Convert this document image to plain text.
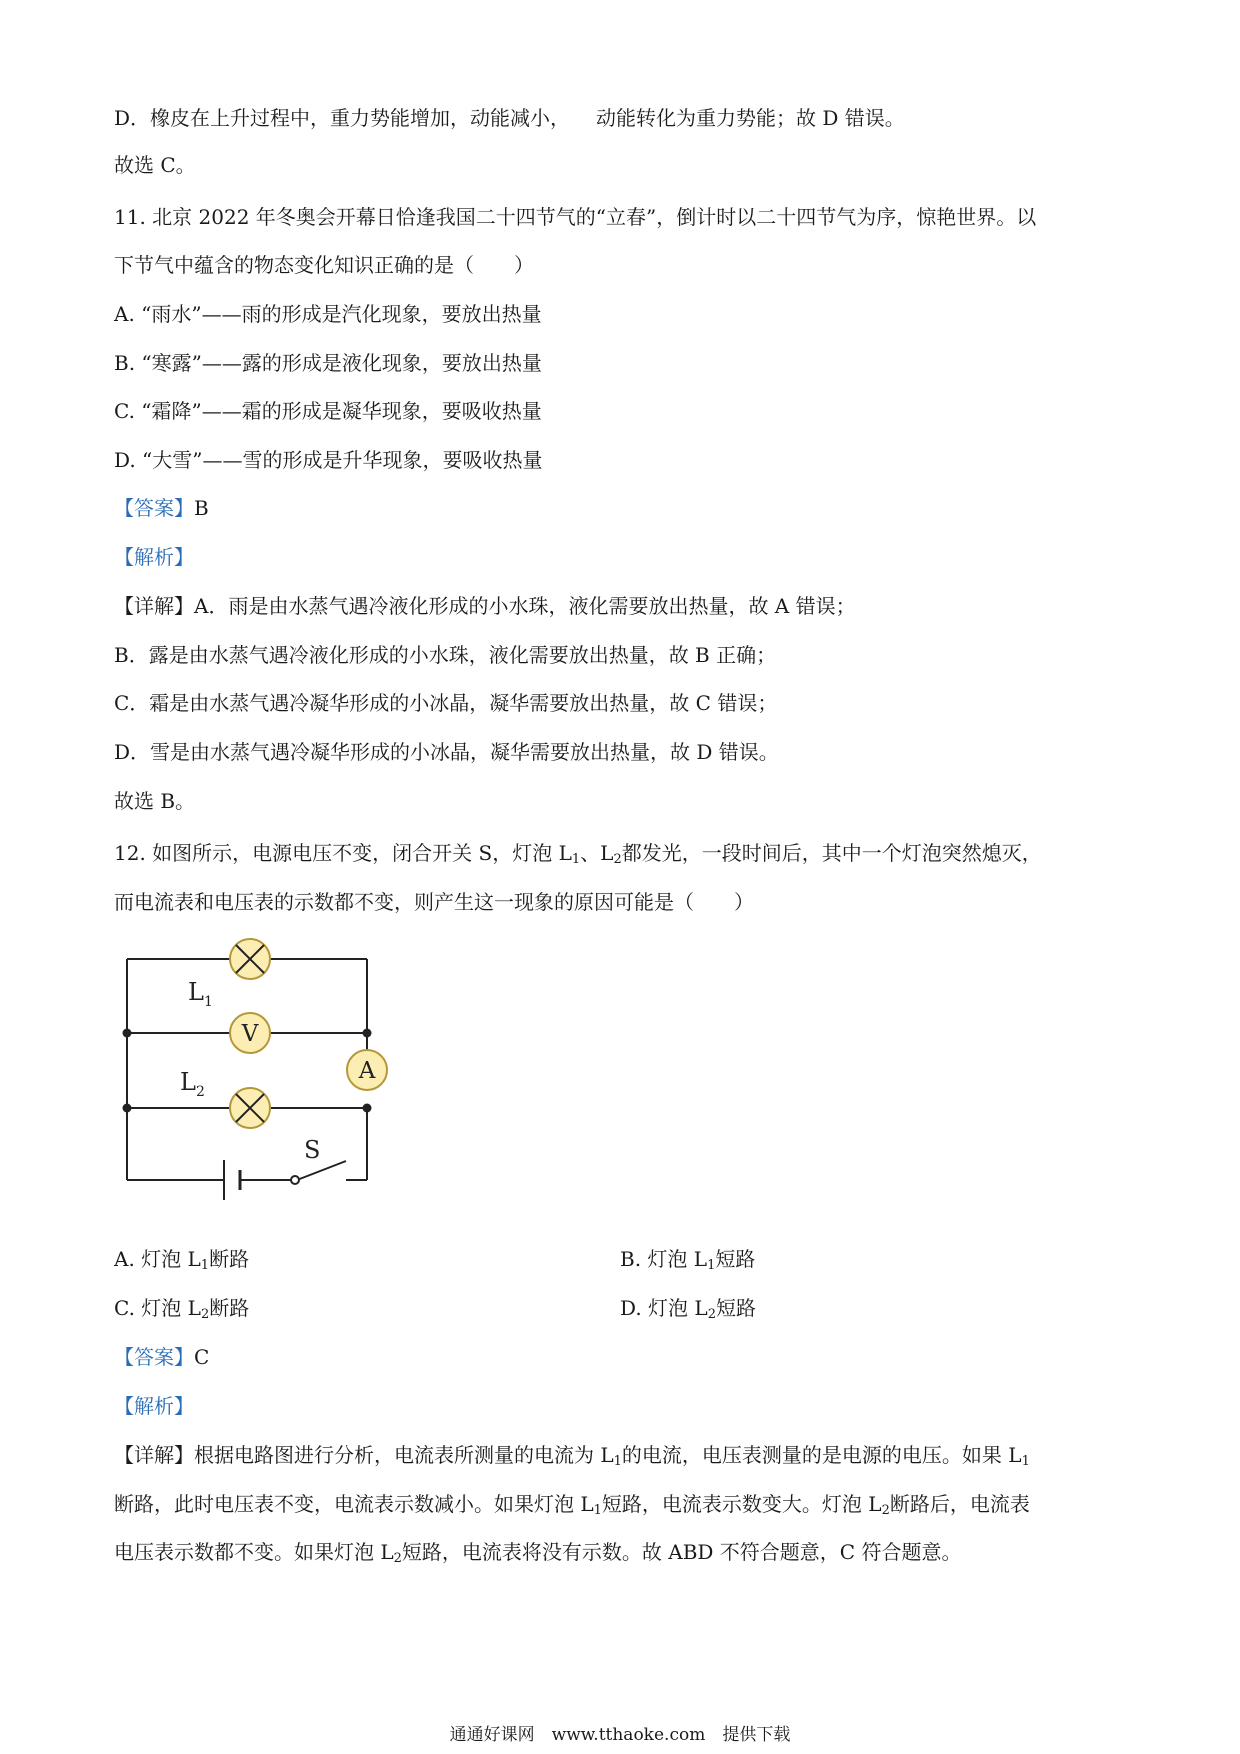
D．橡皮在上升过程中，重力势能增加，动能减小， 动能转化为重力势能；故 D 错误。
故选 C。
11. 北京 2022 年冬奥会开幕日恰逢我国二十四节气的“立春”，倒计时以二十四节气为序，惊艳世界。以
下节气中蕴含的物态变化知识正确的是（　　）
A. “雨水”——雨的形成是汽化现象，要放出热量
B. “寒露”——露的形成是液化现象，要放出热量
C. “霜降”——霜的形成是凝华现象，要吸收热量
D. “大雪”——雪的形成是升华现象，要吸收热量
【答案】B
【解析】
【详解】A．雨是由水蒸气遇冷液化形成的小水珠，液化需要放出热量，故 A 错误；
B．露是由水蒸气遇冷液化形成的小水珠，液化需要放出热量，故 B 正确；
C．霜是由水蒸气遇冷凝华形成的小冰晶，凝华需要放出热量，故 C 错误；
D．雪是由水蒸气遇冷凝华形成的小冰晶，凝华需要放出热量，故 D 错误。
故选 B。
12. 如图所示，电源电压不变，闭合开关 S，灯泡 $L_1$、$L_2$都发光，一段时间后，其中一个灯泡突然熄灭，
而电流表和电压表的示数都不变，则产生这一现象的原因可能是（　　）
V
A
$L_1$
$L_2$
S
A. 灯泡 $L_1$断路	B. 灯泡 $L_1$短路
C. 灯泡 $L_2$断路	D. 灯泡 $L_2$短路
【答案】C
【解析】
【详解】根据电路图进行分析，电流表所测量的电流为 $L_1$的电流，电压表测量的是电源的电压。如果 $L_1$
断路，此时电压表不变，电流表示数减小。如果灯泡 $L_1$短路，电流表示数变大。灯泡 $L_2$断路后，电流表
电压表示数都不变。如果灯泡 $L_2$短路，电流表将没有示数。故 ABD 不符合题意，C 符合题意。
通通好课网　www.tthaoke.com　提供下载
